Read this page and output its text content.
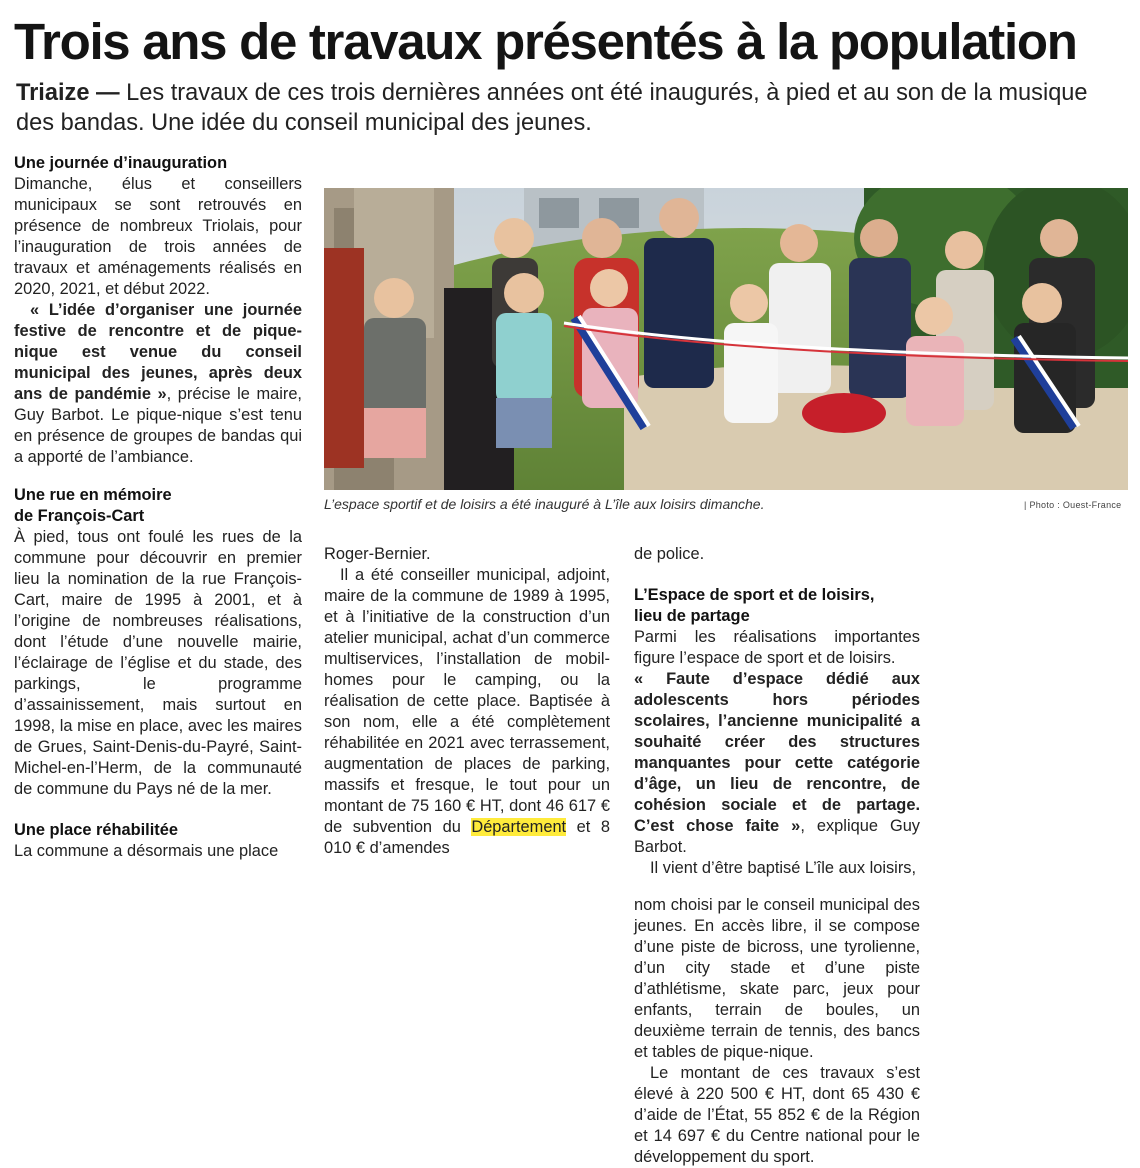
Trois ans de travaux présentés à la population

Triaize — Les travaux de ces trois dernières années ont été inaugurés, à pied et au son de la musique des bandas. Une idée du conseil municipal des jeunes.

Une journée d’inauguration

Dimanche, élus et conseillers municipaux se sont retrouvés en présence de nombreux Triolais, pour l’inauguration de trois années de travaux et aménagements réalisés en 2020, 2021, et début 2022.

« L’idée d’organiser une journée festive de rencontre et de pique-nique est venue du conseil municipal des jeunes, après deux ans de pandémie », précise le maire, Guy Barbot. Le pique-nique s’est tenu en présence de groupes de bandas qui a apporté de l’ambiance.

Une rue en mémoire

de François-Cart

À pied, tous ont foulé les rues de la commune pour découvrir en premier lieu la nomination de la rue François-Cart, maire de 1995 à 2001, et à l’origine de nombreuses réalisations, dont l’étude d’une nouvelle mairie, l’éclairage de l’église et du stade, des parkings, le programme d’assainissement, mais surtout en 1998, la mise en place, avec les maires de Grues, Saint-Denis-du-Payré, Saint-Michel-en-l’Herm, de la communauté de commune du Pays né de la mer.

Une place réhabilitée

La commune a désormais une place

L’espace sportif et de loisirs a été inauguré à L’île aux loisirs dimanche.	| Photo : Ouest-France

Roger-Bernier.

Il a été conseiller municipal, adjoint, maire de la commune de 1989 à 1995, et à l’initiative de la construction d’un atelier municipal, achat d’un commerce multiservices, l’installation de mobil-homes pour le camping, ou la réalisation de cette place. Baptisée à son nom, elle a été complètement réhabilitée en 2021 avec terrassement, augmentation de places de parking, massifs et fresque, le tout pour un montant de 75 160 € HT, dont 46 617 € de subvention du Département et 8 010 € d’amendes

de police.

L’Espace de sport et de loisirs,

lieu de partage

Parmi les réalisations importantes figure l’espace de sport et de loisirs.

« Faute d’espace dédié aux adolescents hors périodes scolaires, l’ancienne municipalité a souhaité créer des structures manquantes pour cette catégorie d’âge, un lieu de rencontre, de cohésion sociale et de partage. C’est chose faite », explique Guy Barbot.

Il vient d’être baptisé L’île aux loisirs,

nom choisi par le conseil municipal des jeunes. En accès libre, il se compose d’une piste de bicross, une tyrolienne, d’un city stade et d’une piste d’athlétisme, skate parc, jeux pour enfants, terrain de boules, un deuxième terrain de tennis, des bancs et tables de pique-nique.

Le montant de ces travaux s’est élevé à 220 500 € HT, dont 65 430 € d’aide de l’État, 55 852 € de la Région et 14 697 € du Centre national pour le développement du sport.
